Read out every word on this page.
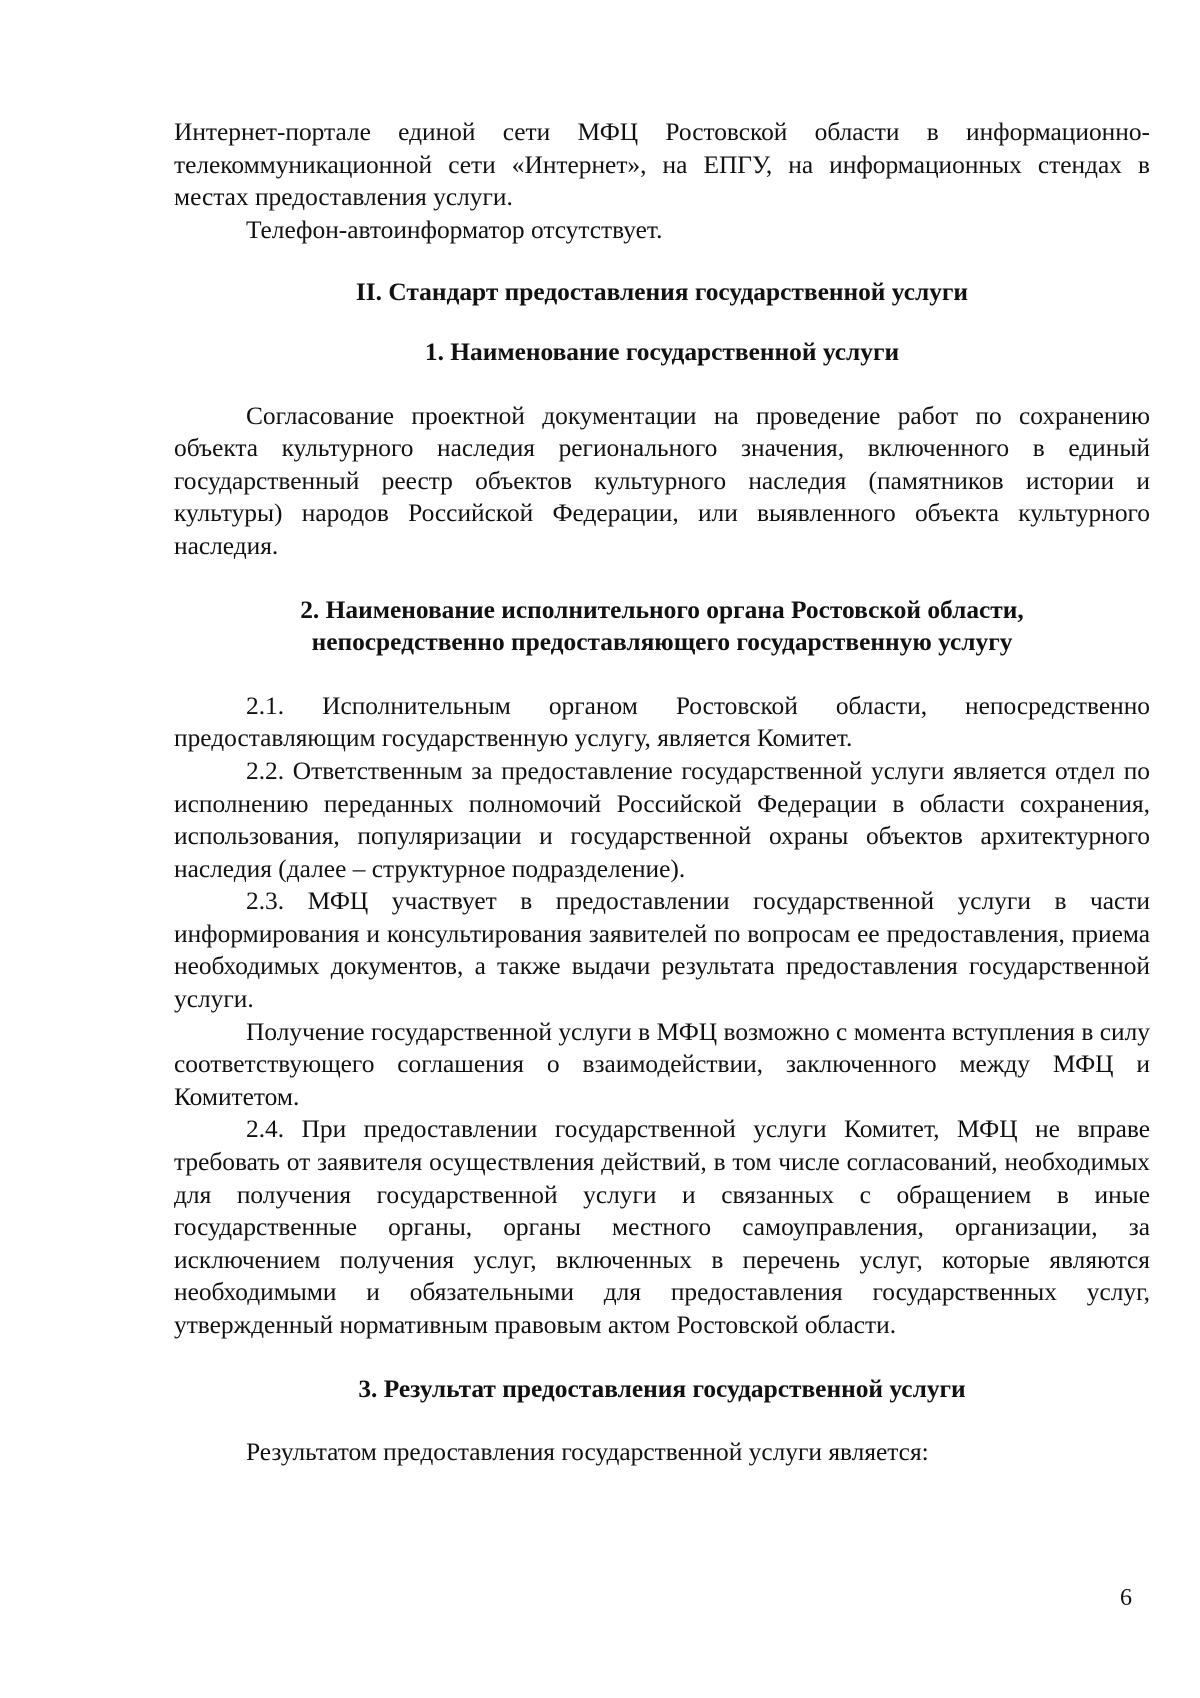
Интернет-портале единой сети МФЦ Ростовской области в информационно-телекоммуникационной сети «Интернет», на ЕПГУ, на информационных стендах в местах предоставления услуги.

Телефон-автоинформатор отсутствует.

II. Стандарт предоставления государственной услуги
1. Наименование государственной услуги

Согласование проектной документации на проведение работ по сохранению объекта культурного наследия регионального значения, включенного в единый государственный реестр объектов культурного наследия (памятников истории и культуры) народов Российской Федерации, или выявленного объекта культурного наследия.

2. Наименование исполнительного органа Ростовской области,
непосредственно предоставляющего государственную услугу

2.1. Исполнительным органом Ростовской области, непосредственно предоставляющим государственную услугу, является Комитет.

2.2. Ответственным за предоставление государственной услуги является отдел по исполнению переданных полномочий Российской Федерации в области сохранения, использования, популяризации и государственной охраны объектов архитектурного наследия (далее – структурное подразделение).

2.3. МФЦ участвует в предоставлении государственной услуги в части информирования и консультирования заявителей по вопросам ее предоставления, приема необходимых документов, а также выдачи результата предоставления государственной услуги.

Получение государственной услуги в МФЦ возможно с момента вступления в силу соответствующего соглашения о взаимодействии, заключенного между МФЦ и Комитетом.

2.4. При предоставлении государственной услуги Комитет, МФЦ не вправе требовать от заявителя осуществления действий, в том числе согласований, необходимых для получения государственной услуги и связанных с обращением в иные государственные органы, органы местного самоуправления, организации, за исключением получения услуг, включенных в перечень услуг, которые являются необходимыми и обязательными для предоставления государственных услуг, утвержденный нормативным правовым актом Ростовской области.

3. Результат предоставления государственной услуги

Результатом предоставления государственной услуги является:

6
